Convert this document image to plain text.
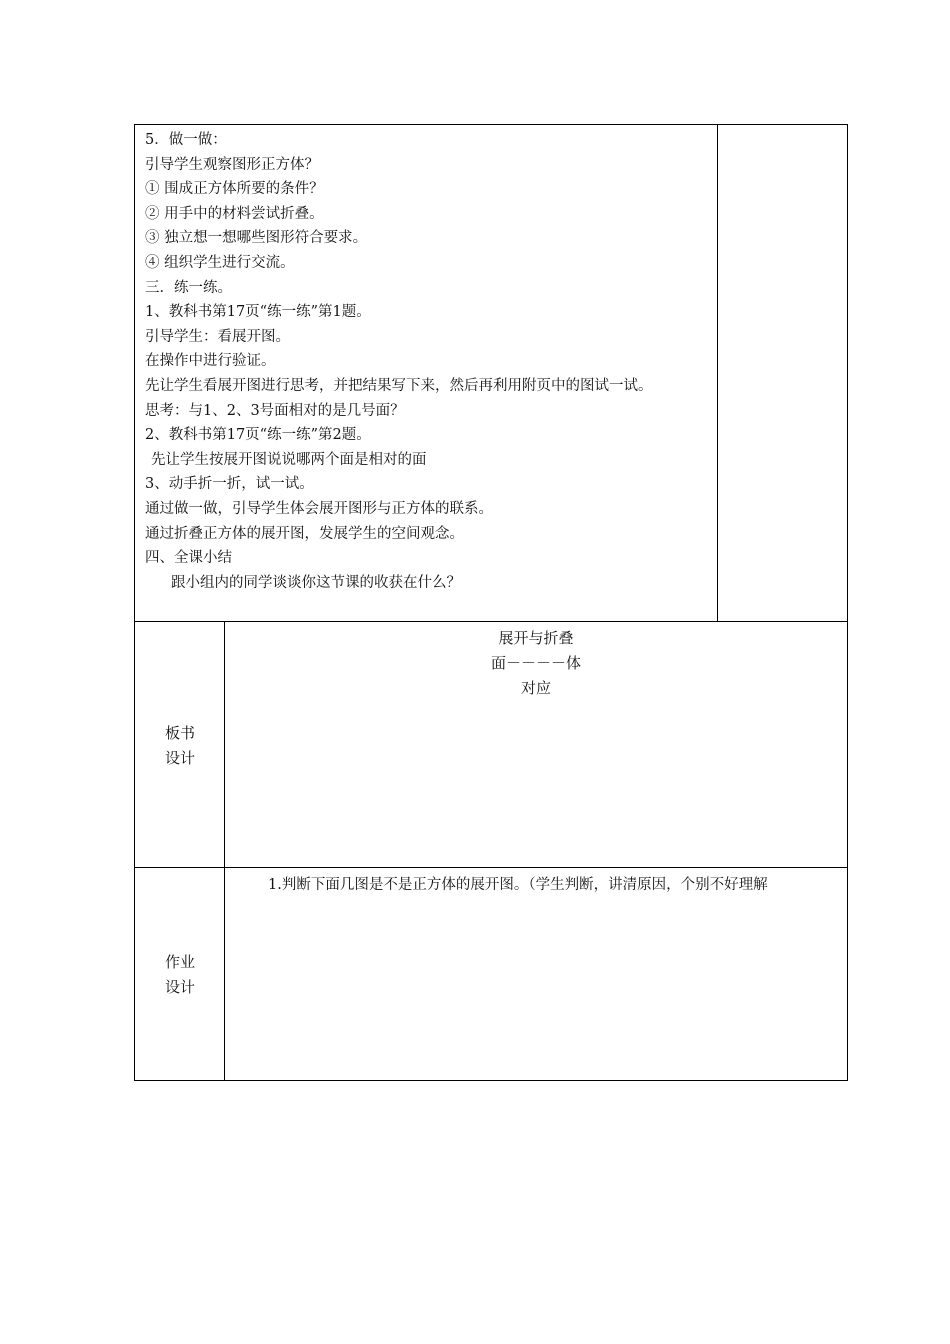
5．做一做：
引导学生观察图形正方体？
① 围成正方体所要的条件？
② 用手中的材料尝试折叠。
③ 独立想一想哪些图形符合要求。
④ 组织学生进行交流。
三．练一练。
1、教科书第17页“练一练”第1题。
引导学生：看展开图。
在操作中进行验证。
先让学生看展开图进行思考，并把结果写下来，然后再利用附页中的图试一试。
思考：与1、2、3号面相对的是几号面？
2、教科书第17页“练一练”第2题。
先让学生按展开图说说哪两个面是相对的面
3、动手折一折，试一试。
通过做一做，引导学生体会展开图形与正方体的联系。
通过折叠正方体的展开图，发展学生的空间观念。
四、全课小结
跟小组内的同学谈谈你这节课的收获在什么？
板书
设计
展开与折叠
面－－－－体
对应
作业
设计
1.判断下面几图是不是正方体的展开图。（学生判断，讲清原因，个别不好理解
